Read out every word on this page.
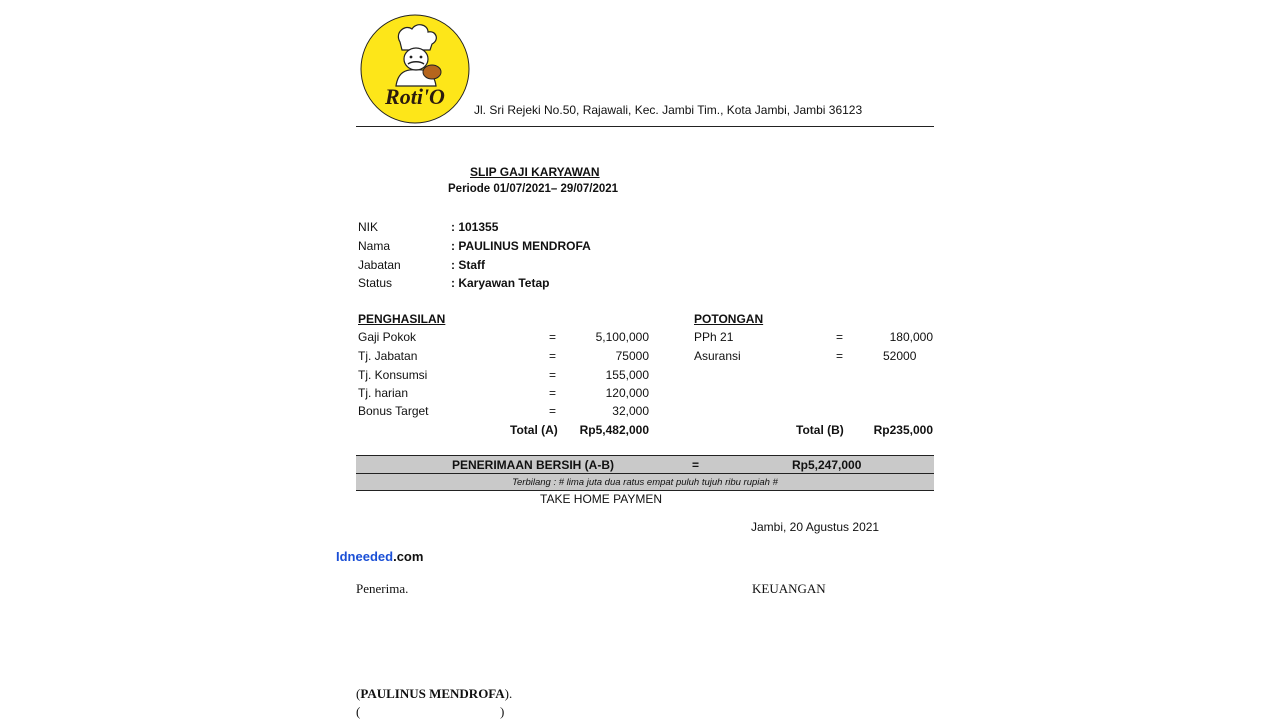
Roti'O
Jl. Sri Rejeki No.50, Rajawali, Kec. Jambi Tim., Kota Jambi, Jambi 36123
SLIP GAJI KARYAWAN
Periode 01/07/2021– 29/07/2021
NIK	: 101355
Nama	: PAULINUS MENDROFA
Jabatan	: Staff
Status	: Karyawan Tetap
PENGHASILAN
Gaji Pokok	=	5,100,000
Tj. Jabatan	=	75000
Tj. Konsumsi	=	155,000
Tj. harian	=	120,000
Bonus Target	=	32,000
Total (A)	Rp5,482,000
POTONGAN
PPh 21	=	180,000
Asuransi	=	52000
Total (B)	Rp235,000
PENERIMAAN BERSIH (A-B)	=	Rp5,247,000
Terbilang : # lima juta dua ratus empat puluh tujuh ribu rupiah #
TAKE HOME PAYMEN
Jambi, 20 Agustus 2021
Idneeded.com
Penerima.	KEUANGAN
(PAULINUS MENDROFA).
(	)
